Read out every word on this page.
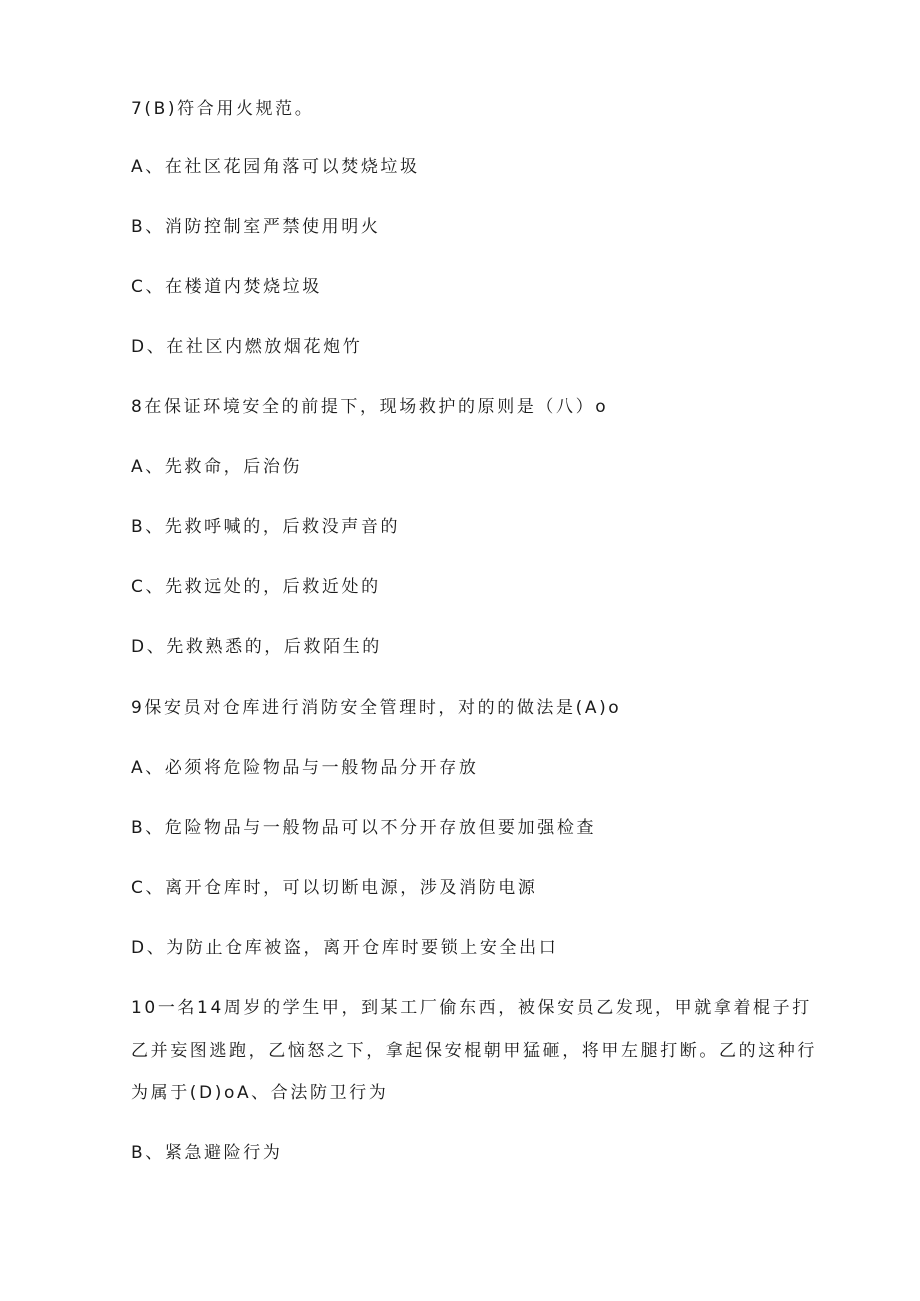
7(B)符合用火规范。
A、在社区花园角落可以焚烧垃圾
B、消防控制室严禁使用明火
C、在楼道内焚烧垃圾
D、在社区内燃放烟花炮竹
8在保证环境安全的前提下，现场救护的原则是（八）o
A、先救命，后治伤
B、先救呼喊的，后救没声音的
C、先救远处的，后救近处的
D、先救熟悉的，后救陌生的
9保安员对仓库进行消防安全管理时，对的的做法是(A)o
A、必须将危险物品与一般物品分开存放
B、危险物品与一般物品可以不分开存放但要加强检查
C、离开仓库时，可以切断电源，涉及消防电源
D、为防止仓库被盗，离开仓库时要锁上安全出口
10一名14周岁的学生甲，到某工厂偷东西，被保安员乙发现，甲就拿着棍子打
乙并妄图逃跑，乙恼怒之下，拿起保安棍朝甲猛砸，将甲左腿打断。乙的这种行
为属于(D)oA、合法防卫行为
B、紧急避险行为
